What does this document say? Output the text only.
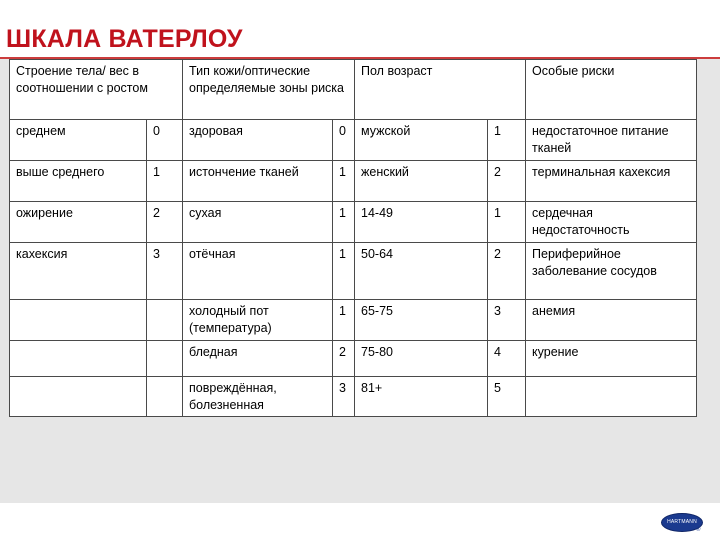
ШКАЛА ВАТЕРЛОУ
Строение тела/ вес в соотношении с ростом		Тип кожи/оптические определяемые зоны риска		Пол возраст		Особые риски
среднем	0	здоровая	0	мужской	1	недостаточное питание тканей
выше среднего	1	истончение тканей	1	женский	2	терминальная кахексия
ожирение	2	сухая	1	14-49	1	сердечная недостаточность
кахексия	3	отёчная	1	50-64	2	Периферийное заболевание сосудов
		холодный пот (температура)	1	65-75	3	анемия
		бледная	2	75-80	4	курение
		повреждённая, болезненная	3	81+	5	
HARTMANN
®
